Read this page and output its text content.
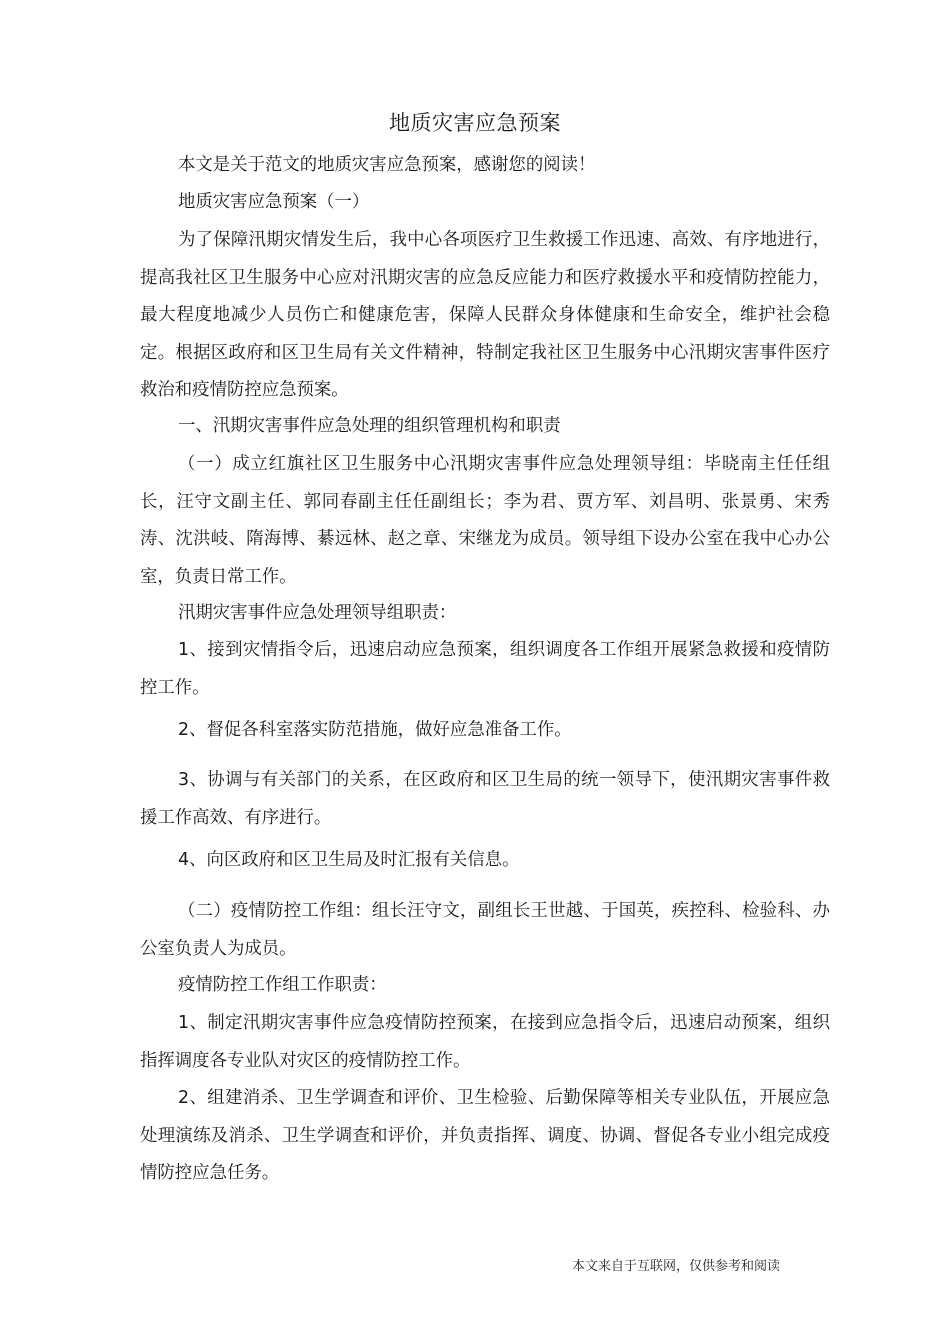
地质灾害应急预案
本文是关于范文的地质灾害应急预案，感谢您的阅读！
地质灾害应急预案（一）
为了保障汛期灾情发生后，我中心各项医疗卫生救援工作迅速、高效、有序地进行，提高我社区卫生服务中心应对汛期灾害的应急反应能力和医疗救援水平和疫情防控能力，最大程度地减少人员伤亡和健康危害，保障人民群众身体健康和生命安全，维护社会稳定。根据区政府和区卫生局有关文件精神，特制定我社区卫生服务中心汛期灾害事件医疗救治和疫情防控应急预案。
一、汛期灾害事件应急处理的组织管理机构和职责
（一）成立红旗社区卫生服务中心汛期灾害事件应急处理领导组：毕晓南主任任组长，汪守文副主任、郭同春副主任任副组长；李为君、贾方军、刘昌明、张景勇、宋秀涛、沈洪岐、隋海博、綦远林、赵之章、宋继龙为成员。领导组下设办公室在我中心办公室，负责日常工作。
汛期灾害事件应急处理领导组职责：
1、接到灾情指令后，迅速启动应急预案，组织调度各工作组开展紧急救援和疫情防控工作。
2、督促各科室落实防范措施，做好应急准备工作。
3、协调与有关部门的关系，在区政府和区卫生局的统一领导下，使汛期灾害事件救援工作高效、有序进行。
4、向区政府和区卫生局及时汇报有关信息。
（二）疫情防控工作组：组长汪守文，副组长王世越、于国英，疾控科、检验科、办公室负责人为成员。
疫情防控工作组工作职责：
1、制定汛期灾害事件应急疫情防控预案，在接到应急指令后，迅速启动预案，组织指挥调度各专业队对灾区的疫情防控工作。
2、组建消杀、卫生学调查和评价、卫生检验、后勤保障等相关专业队伍，开展应急处理演练及消杀、卫生学调查和评价，并负责指挥、调度、协调、督促各专业小组完成疫情防控应急任务。
本文来自于互联网，仅供参考和阅读
